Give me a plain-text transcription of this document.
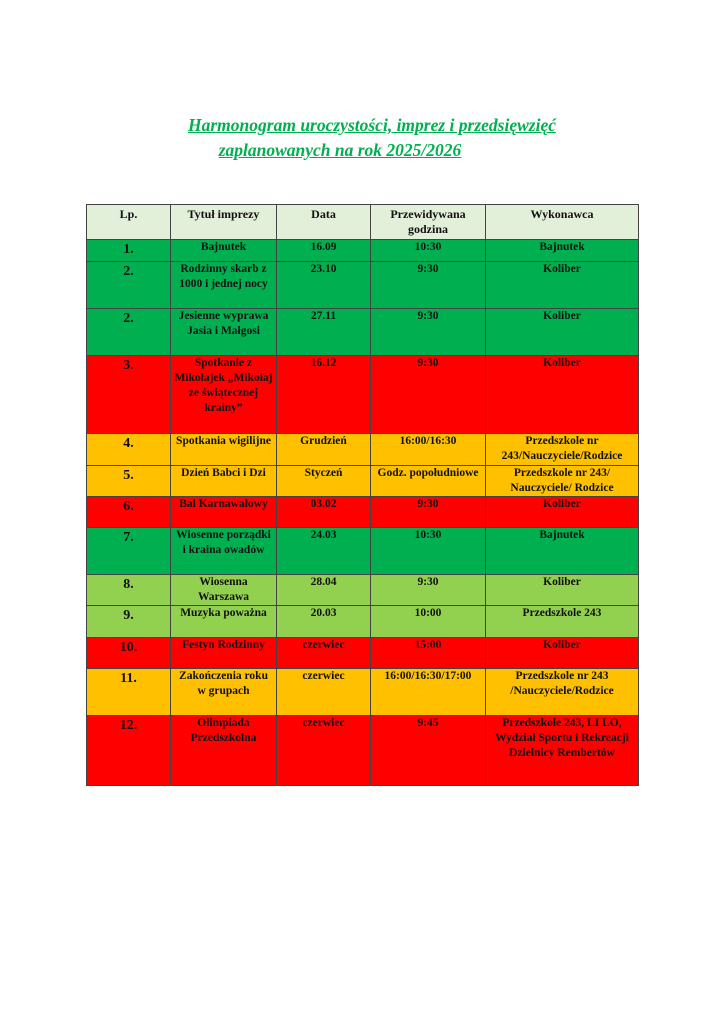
Harmonogram uroczystości, imprez i przedsięwzięć
zaplanowanych na rok 2025/2026
Lp.	Tytuł imprezy	Data	Przewidywana godzina	Wykonawca
1.	Bajnutek	16.09	10:30	Bajnutek
2.	Rodzinny skarb z 1000 i jednej nocy	23.10	9:30	Koliber
2.	Jesienne wyprawa Jasia i Małgosi	27.11	9:30	Koliber
3.	Spotkanie z Mikołajek „Mikołaj ze świątecznej krainy”	16.12	9:30	Koliber
4.	Spotkania wigilijne	Grudzień	16:00/16:30	Przedszkole nr 243/Nauczyciele/Rodzice
5.	Dzień Babci i Dzi	Styczeń	Godz. popołudniowe	Przedszkole nr 243/ Nauczyciele/ Rodzice
6.	Bal Karnawałowy	03.02	9:30	Koliber
7.	Wiosenne porządki i kraina owadów	24.03	10:30	Bajnutek
8.	Wiosenna Warszawa	28.04	9:30	Koliber
9.	Muzyka poważna	20.03	10:00	Przedszkole 243
10.	Festyn Rodzinny	czerwiec	15:00	Koliber
11.	Zakończenia roku w grupach	czerwiec	16:00/16:30/17:00	Przedszkole nr 243 /Nauczyciele/Rodzice
12.	Olimpiada Przedszkolna	czerwiec	9:45	Przedszkole 243, LI LO, Wydział Sportu i Rekreacji Dzielnicy Rembertów
